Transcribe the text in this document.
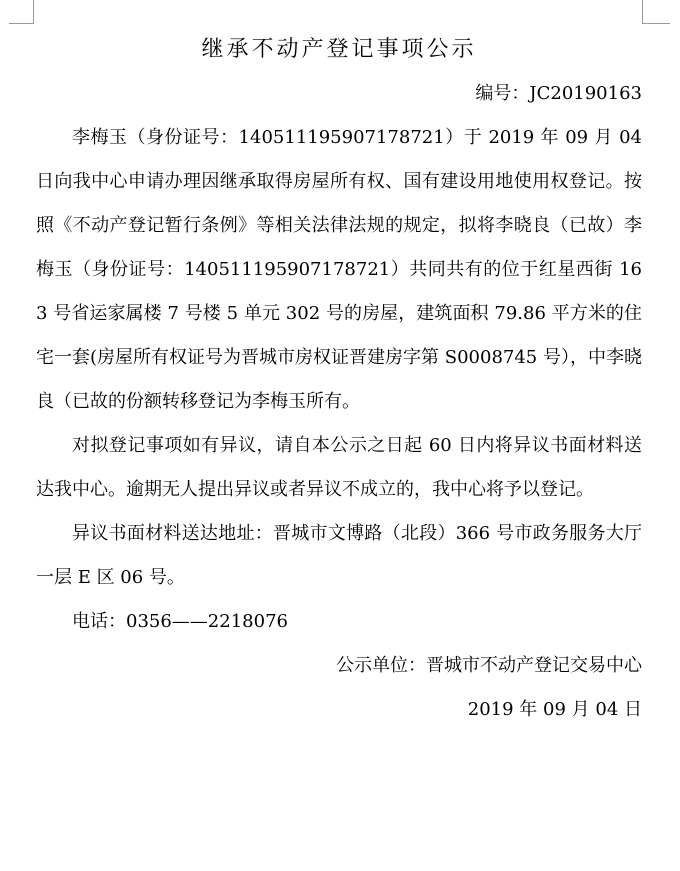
继承不动产登记事项公示
编号：JC20190163

李梅玉（身份证号：140511195907178721）于 2019 年 09 月 04 日向我中心申请办理因继承取得房屋所有权、国有建设用地使用权登记。按照《不动产登记暂行条例》等相关法律法规的规定，拟将李晓良（已故）李梅玉（身份证号：140511195907178721）共同共有的位于红星西街 163 号省运家属楼 7 号楼 5 单元 302 号的房屋，建筑面积 79.86 平方米的住宅一套(房屋所有权证号为晋城市房权证晋建房字第 S0008745 号），中李晓良（已故的份额转移登记为李梅玉所有。

对拟登记事项如有异议，请自本公示之日起 60 日内将异议书面材料送达我中心。逾期无人提出异议或者异议不成立的，我中心将予以登记。

异议书面材料送达地址：晋城市文博路（北段）366 号市政务服务大厅一层 E 区 06 号。

电话：0356——2218076

公示单位：晋城市不动产登记交易中心
2019 年 09 月 04 日
